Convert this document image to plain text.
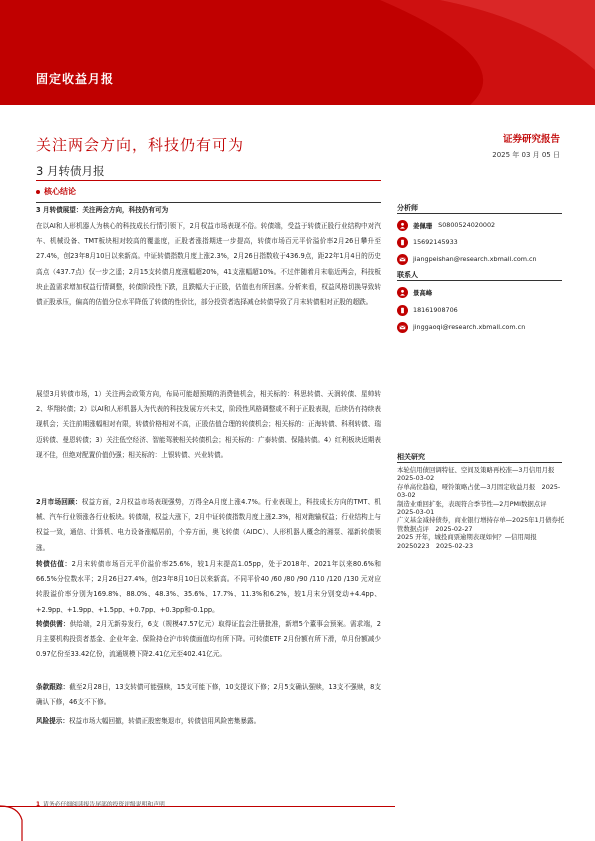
固定收益月报
关注两会方向，科技仍有可为
3 月转债月报
证券研究报告
2025 年 03 月 05 日
核心结论
3 月转债展望：关注两会方向，科技仍有可为
在以AI和人形机器人为核心的科技成长行情引领下，2月权益市场表现不俗。转债端，受益于转债正股行业结构中对汽车、机械设备、TMT板块相对较高的覆盖度，正股者涨指期进一步提高，转债市场百元平价溢价率2月26日攀升至27.4%，创23年8月10日以来新高。中证转债指数月度上涨2.3%，2月26日指数收于436.9点，距22年1月4日的历史高点（437.7点）仅一步之遥；2月15支转债月度涨幅超20%，41支涨幅超10%。不过伴随着月末临近两会，科技板块止盈需求增加权益行情调整，转债阶段性下跌，且跌幅大于正股，估值也有所回落。分析来看，权益风格切换导致转债正股承压，偏高的估值分位水平降低了转债的性价比，部分投资者选择减仓转债导致了月末转债相对正股的超跌。
展望3月转债市场，1）关注两会政策方向，布局可能超预期的消费链机会，相关标的：科思转债、天润转债、星帅转2、华翔转债；2）以AI和人形机器人为代表的科技发展方兴未艾，阶段性风格调整或不利于正股表现，后续仍有持续表现机会；关注前期涨幅相对有限，转债价格相对不高，正股估值合理的转债机会；相关标的：正海转债、科利转债、瑞迈转债、曼恩转债；3）关注低空经济、智能驾驶相关转债机会；相关标的：广泰转债、保隆转债。4）红利板块近期表现不佳，但绝对配置价值仍强；相关标的：上银转债、兴业转债。
2月市场回顾：权益方面，2月权益市场表现强势，万得全A月度上涨4.7%。行业表现上，科技成长方向的TMT、机械、汽车行业领涨各行业板块。转债端，权益大涨下，2月中证转债指数月度上涨2.3%，相对跑输权益；行业结构上与权益一致，通信、计算机、电力设备涨幅居前，个券方面，奥飞转债（AIDC）、人形机器人概念的湘泵、福新转债领涨。
转债估值：2月末转债市场百元平价溢价率25.6%，较1月末提高1.05pp，处于2018年、2021年以来80.6%和66.5%分位数水平；2月26日27.4%，创23年8月10日以来新高。不同平价40 /60 /80 /90 /110 /120 /130 元对应转股溢价率分别为169.8%、88.0%、48.3%、35.6%、17.7%、11.3%和6.2%，较1月末分别变动+4.4pp、+2.9pp、+1.9pp、+1.5pp、+0.7pp、+0.3pp和-0.1pp。
转债供需：供给端，2月无新券发行，6支（规模47.57亿元）取得证监会注册批准，新增5个董事会预案。需求端，2月主要机构投资者基金、企业年金、保险持仓沪市转债面值均有所下降。可转债ETF 2月份额有所下滑，单月份额减少0.97亿份至33.42亿份，流通规模下降2.41亿元至402.41亿元。
条款跟踪：截至2月28日，13支转债可能强赎，15支可能下修，10支提议下修；2月5支确认强赎，13支不强赎，8支确认下修，46支不下修。
风险提示：权益市场大幅回撤，转债正股密集退市，转债信用风险密集暴露。
分析师
姜佩珊 S0800524020002
15692145933
jiangpeishan@research.xbmall.com.cn
联系人
景高峰
18161908706
jinggaoqi@research.xbmall.com.cn
相关研究
本轮信用债回调特征、空间及策略再校准—3月信用月报　2025-03-02
存单高位趋稳，哑铃策略占优—3月固定收益月报　2025-03-02
制造业重回扩张，表现符合季节性—2月PMI数据点评　2025-03-01
广义基金减持债券，商业银行增持存单—2025年1月债券托管数据点评　2025-02-27
2025 开年，城投商票逾期表现如何？—信用周报 20250223　2025-02-23
1 请务必仔细阅读报告尾部的投资评级说明和声明
